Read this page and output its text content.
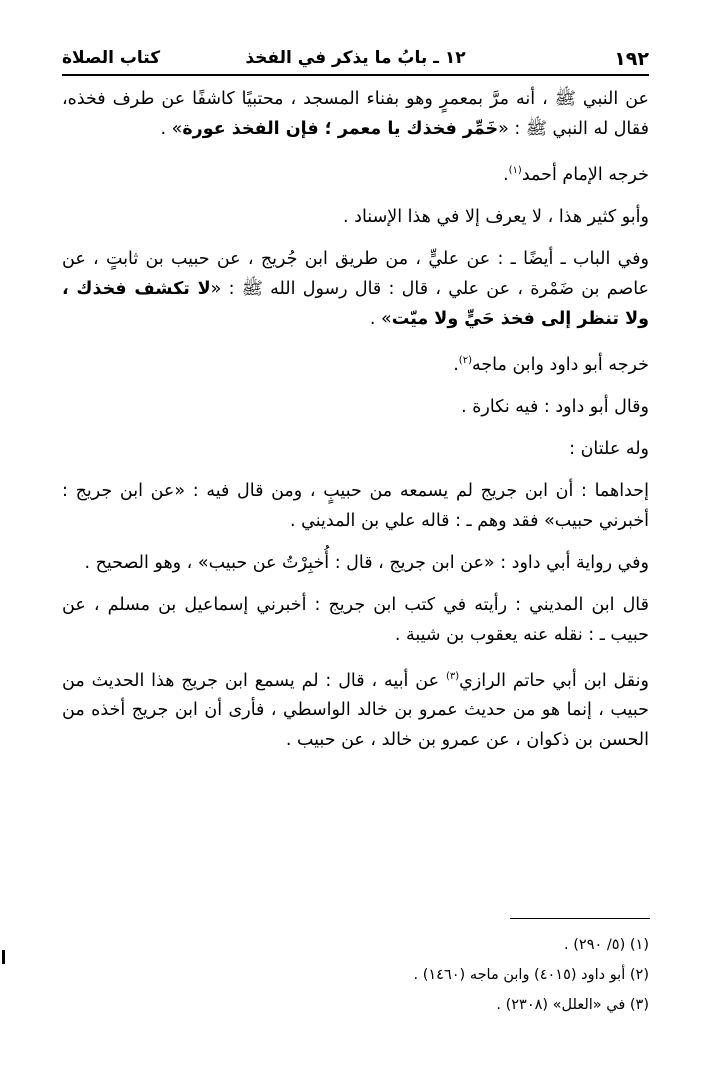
١٩٢
١٢ ـ بابُ ما يذكر في الفخذ
كتاب الصلاة

عن النبي ﷺ ، أنه مرَّ بمعمرٍ وهو بفناء المسجد ، محتبيًا كاشفًا عن طرف فخذه، فقال له النبي ﷺ : «خَمِّر فخذك يا معمر ؛ فإن الفخذ عورة» .

خرجه الإمام أحمد$^{(١)}$.

وأبو كثير هذا ، لا يعرف إلا في هذا الإسناد .

وفي الباب ـ أيضًا ـ : عن عليٍّ ، من طريق ابن جُريج ، عن حبيب بن ثابتٍ ، عن عاصم بن ضَمْرة ، عن علي ، قال : قال رسول الله ﷺ : «لا تكشف فخذك ، ولا تنظر إلى فخذ حَيٍّ ولا ميّت» .

خرجه أبو داود وابن ماجه$^{(٢)}$.

وقال أبو داود : فيه نكارة .

وله علتان :

إحداهما : أن ابن جريج لم يسمعه من حبيبٍ ، ومن قال فيه : «عن ابن جريج : أخبرني حبيب» فقد وهم ـ : قاله علي بن المديني .

وفي رواية أبي داود : «عن ابن جريج ، قال : أُخبِرْتُ عن حبيب» ، وهو الصحيح .

قال ابن المديني : رأيته في كتب ابن جريج : أخبرني إسماعيل بن مسلم ، عن حبيب ـ : نقله عنه يعقوب بن شيبة .

ونقل ابن أبي حاتم الرازي$^{(٣)}$ عن أبيه ، قال : لم يسمع ابن جريج هذا الحديث من حبيب ، إنما هو من حديث عمرو بن خالد الواسطي ، فأرى أن ابن جريج أخذه من الحسن بن ذكوان ، عن عمرو بن خالد ، عن حبيب .

(١) (٥/ ٢٩٠) .
(٢) أبو داود (٤٠١٥) وابن ماجه (١٤٦٠) .
(٣) في «العلل» (٢٣٠٨) .
